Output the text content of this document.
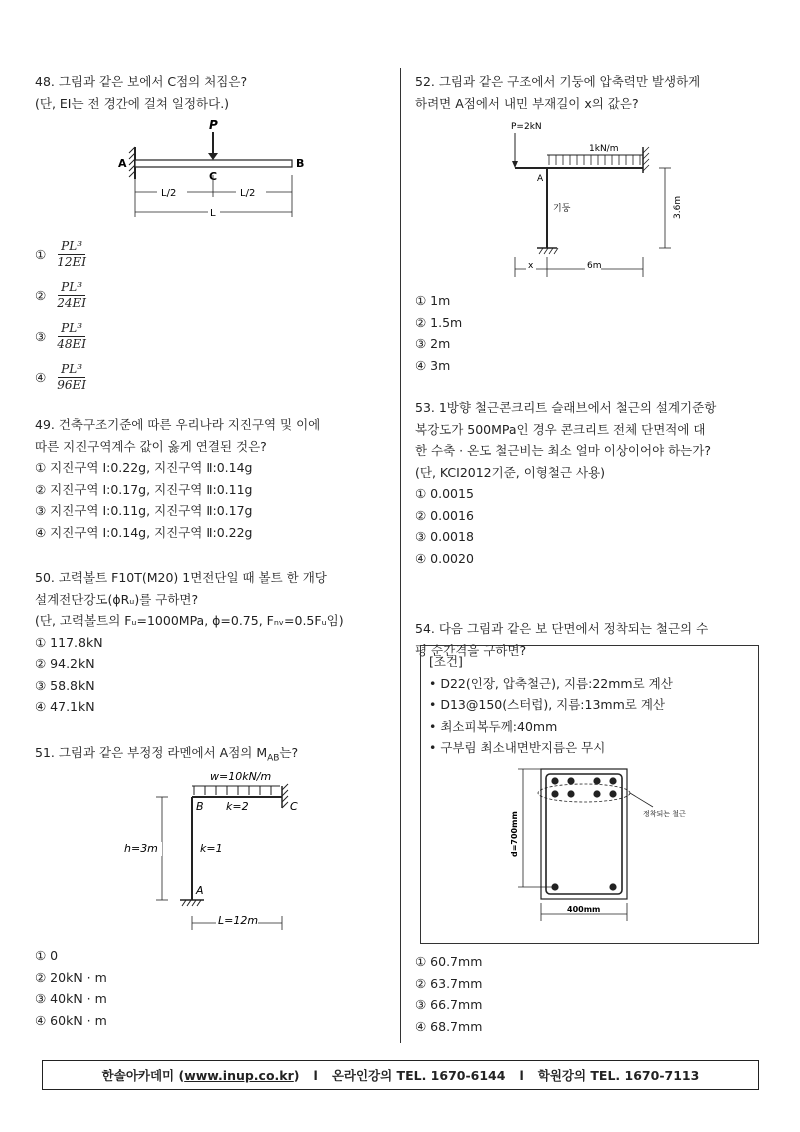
48. 그림과 같은 보에서 C점의 처짐은?
(단, EI는 전 경간에 걸쳐 일정하다.)
P
A	B
C
L/2	L/2
L
① $\frac{\text{PL³}}{12EI}$
② $\frac{\text{PL³}}{24EI}$
③ $\frac{\text{PL³}}{48EI}$
④ $\frac{\text{PL³}}{96EI}$
49. 건축구조기준에 따른 우리나라 지진구역 및 이에
따른 지진구역계수 값이 옳게 연결된 것은?
① 지진구역 Ⅰ:0.22g, 지진구역 Ⅱ:0.14g
② 지진구역 Ⅰ:0.17g, 지진구역 Ⅱ:0.11g
③ 지진구역 Ⅰ:0.11g, 지진구역 Ⅱ:0.17g
④ 지진구역 Ⅰ:0.14g, 지진구역 Ⅱ:0.22g
50. 고력볼트 F10T(M20) 1면전단일 때 볼트 한 개당
설계전단강도(ϕRᵤ)를 구하면?
(단, 고력볼트의 Fᵤ=1000MPa, ϕ=0.75, Fₙᵥ=0.5Fᵤ임)
① 117.8kN
② 94.2kN
③ 58.8kN
④ 47.1kN
51. 그림과 같은 부정정 라멘에서 A점의 $M_{AB}$는?
w=10kN/m
B k=2	C
k=1
A
h=3m
L=12m
① 0
② 20kN · m
③ 40kN · m
④ 60kN · m
52. 그림과 같은 구조에서 기둥에 압축력만 발생하게
하려면 A점에서 내민 부재길이 x의 값은?
P=2kN
1kN/m
A
기둥	3.6m
x	6m
① 1m
② 1.5m
③ 2m
④ 3m
53. 1방향 철근콘크리트 슬래브에서 철근의 설계기준항
복강도가 500MPa인 경우 콘크리트 전체 단면적에 대
한 수축 · 온도 철근비는 최소 얼마 이상이어야 하는가?
(단, KCI2012기준, 이형철근 사용)
① 0.0015
② 0.0016
③ 0.0018
④ 0.0020
54. 다음 그림과 같은 보 단면에서 정착되는 철근의 수
평 순간격을 구하면?
[조건]
• D22(인장, 압축철근), 지름:22mm로 계산
• D13@150(스터럽), 지름:13mm로 계산
• 최소피복두께:40mm
• 구부림 최소내면반지름은 무시
정착되는 철근
d=700mm
400mm
① 60.7mm
② 63.7mm
③ 66.7mm
④ 68.7mm
한솔아카데미 ( www.inup.co.kr ) l 온라인강의 TEL. 1670-6144 l 학원강의 TEL. 1670-7113
